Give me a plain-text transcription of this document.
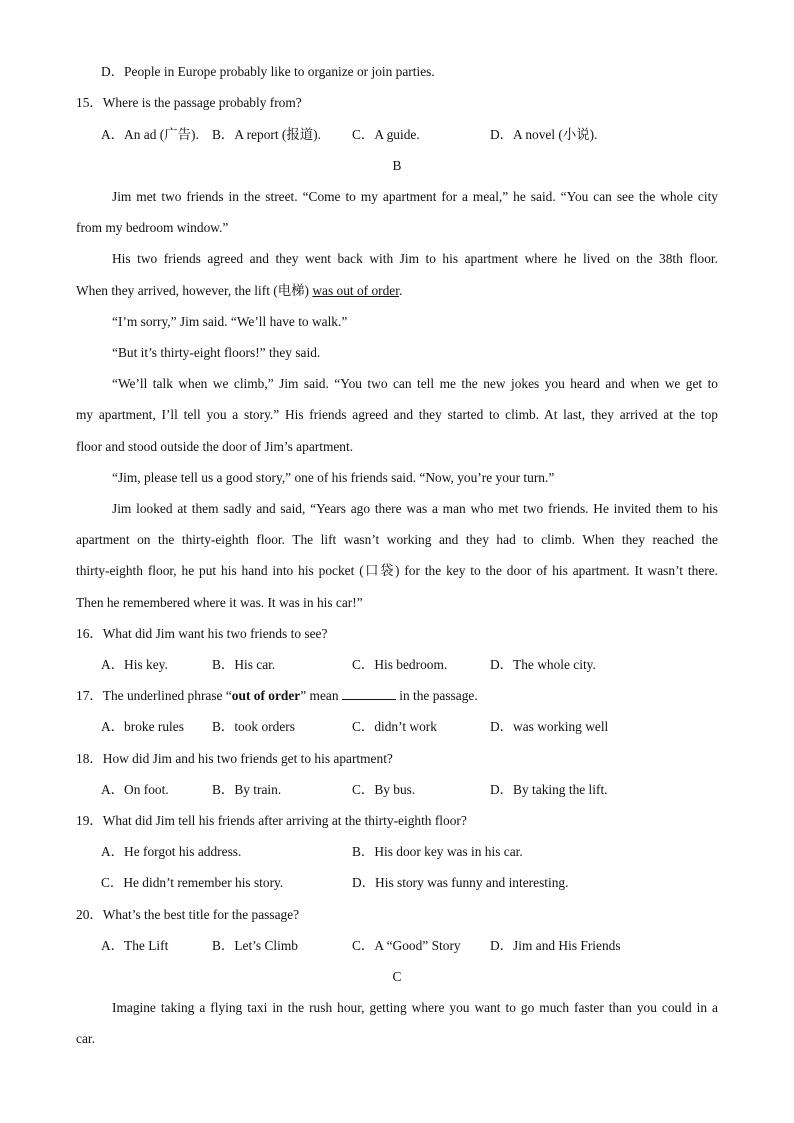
D．People in Europe probably like to organize or join parties.
15．Where is the passage probably from?
A．An ad (广告). B．A report (报道). C．A guide.	D．A novel (小说).
B
Jim met two friends in the street. “Come to my apartment for a meal,” he said. “You can see the whole city
from my bedroom window.”
His two friends agreed and they went back with Jim to his apartment where he lived on the 38th floor.
When they arrived, however, the lift (电梯) was out of order.
“I’m sorry,” Jim said. “We’ll have to walk.”
“But it’s thirty-eight floors!” they said.
“We’ll talk when we climb,” Jim said. “You two can tell me the new jokes you heard and when we get to
my apartment, I’ll tell you a story.” His friends agreed and they started to climb. At last, they arrived at the top
floor and stood outside the door of Jim’s apartment.
“Jim, please tell us a good story,” one of his friends said. “Now, you’re your turn.”
Jim looked at them sadly and said, “Years ago there was a man who met two friends. He invited them to his
apartment on the thirty-eighth floor. The lift wasn’t working and they had to climb. When they reached the
thirty-eighth floor, he put his hand into his pocket (口袋) for the key to the door of his apartment. It wasn’t there.
Then he remembered where it was. It was in his car!”
16．What did Jim want his two friends to see?
A．His key.	B．His car.	C．His bedroom.	D．The whole city.
17．The underlined phrase “out of order” mean	in the passage.
A．broke rules B．took orders	C．didn’t work	D．was working well
18．How did Jim and his two friends get to his apartment?
A．On foot.	B．By train.	C．By bus.	D．By taking the lift.
19．What did Jim tell his friends after arriving at the thirty-eighth floor?
A．He forgot his address.	B．His door key was in his car.
C．He didn’t remember his story.	D．His story was funny and interesting.
20．What’s the best title for the passage?
A．The Lift	B．Let’s Climb	C．A “Good” Story D．Jim and His Friends
C
Imagine taking a flying taxi in the rush hour, getting where you want to go much faster than you could in a
car.
